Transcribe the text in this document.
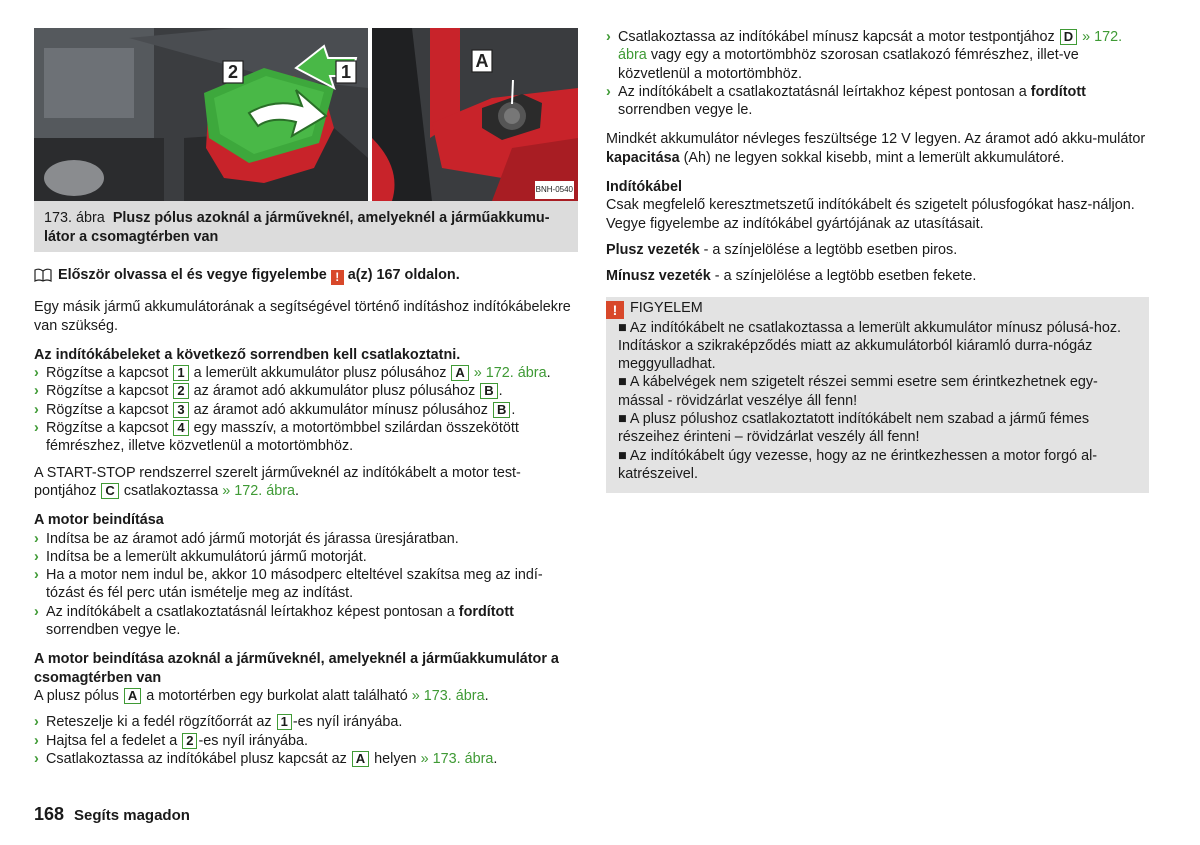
2	1
A
BNH-0540
173. ábra Plusz pólus azoknál a járműveknél, amelyeknél a járműakkumu-látor a csomagtérben van

Először olvassa el és vegye figyelembe ! a(z) 167 oldalon.

Egy másik jármű akkumulátorának a segítségével történő indításhoz indítókábelekre van szükség.

Az indítókábeleket a következő sorrendben kell csatlakoztatni.

› Rögzítse a kapcsot 1 a lemerült akkumulátor plusz pólusához A » 172. ábra.
› Rögzítse a kapcsot 2 az áramot adó akkumulátor plusz pólusához B .
› Rögzítse a kapcsot 3 az áramot adó akkumulátor mínusz pólusához B .
› Rögzítse a kapcsot 4 egy masszív, a motortömbbel szilárdan összekötött fémrészhez, illetve közvetlenül a motortömbhöz.

A START-STOP rendszerrel szerelt járműveknél az indítókábelt a motor test-pontjához C csatlakoztassa » 172. ábra.

A motor beindítása

› Indítsa be az áramot adó jármű motorját és járassa üresjáratban.
› Indítsa be a lemerült akkumulátorú jármű motorját.
› Ha a motor nem indul be, akkor 10 másodperc elteltével szakítsa meg az indí-tózást és fél perc után ismételje meg az indítást.
› Az indítókábelt a csatlakoztatásnál leírtakhoz képest pontosan a fordított sorrendben vegye le.

A motor beindítása azoknál a járműveknél, amelyeknél a járműakkumulátor a csomagtérben van

A plusz pólus A a motortérben egy burkolat alatt található » 173. ábra.

› Reteszelje ki a fedél rögzítőorrát az 1 -es nyíl irányába.
› Hajtsa fel a fedelet a 2 -es nyíl irányába.
› Csatlakoztassa az indítókábel plusz kapcsát az A helyen » 173. ábra.
› Csatlakoztassa az indítókábel mínusz kapcsát a motor testpontjához D » 172. ábra vagy egy a motortömbhöz szorosan csatlakozó fémrészhez, illet-ve közvetlenül a motortömbhöz.
› Az indítókábelt a csatlakoztatásnál leírtakhoz képest pontosan a fordított sorrendben vegye le.

Mindkét akkumulátor névleges feszültsége 12 V legyen. Az áramot adó akku-mulátor kapacitása (Ah) ne legyen sokkal kisebb, mint a lemerült akkumulátoré.

Indítókábel

Csak megfelelő keresztmetszetű indítókábelt és szigetelt pólusfogókat hasz-náljon. Vegye figyelembe az indítókábel gyártójának az utasításait.

Plusz vezeték - a színjelölése a legtöbb esetben piros.

Mínusz vezeték - a színjelölése a legtöbb esetben fekete.

! FIGYELEM
■ Az indítókábelt ne csatlakoztassa a lemerült akkumulátor mínusz pólusá-hoz. Indításkor a szikraképződés miatt az akkumulátorból kiáramló durra-nógáz meggyulladhat.
■ A kábelvégek nem szigetelt részei semmi esetre sem érintkezhetnek egy-mással - rövidzárlat veszélye áll fenn!
■ A plusz pólushoz csatlakoztatott indítókábelt nem szabad a jármű fémes részeihez érinteni – rövidzárlat veszély áll fenn!
■ Az indítókábelt úgy vezesse, hogy az ne érintkezhessen a motor forgó al-katrészeivel.
168 Segíts magadon
